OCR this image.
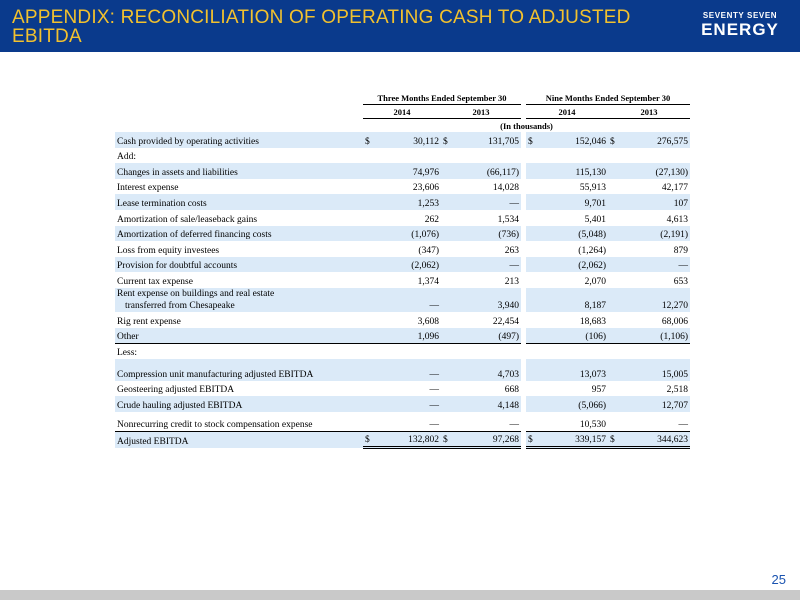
APPENDIX: RECONCILIATION OF OPERATING CASH TO ADJUSTED EBITDA
SEVENTY SEVEN
ENERGY
	Three Months Ended September 30					Nine Months Ended September 30			
	2014		2013			2014		2013	
	(In thousands)								
Cash provided by operating activities	$	30,112	$	131,705		$	152,046	$	276,575
Add:									
Changes in assets and liabilities		74,976		(66,117)			115,130		(27,130)
Interest expense		23,606		14,028			55,913		42,177
Lease termination costs		1,253		—			9,701		107
Amortization of sale/leaseback gains		262		1,534			5,401		4,613
Amortization of deferred financing costs		(1,076)		(736)			(5,048)		(2,191)
Loss from equity investees		(347)		263			(1,264)		879
Provision for doubtful accounts		(2,062)		—			(2,062)		—
Current tax expense		1,374		213			2,070		653

Rent expense on buildings and real estate
transferred from Chesapeake		—		3,940			8,187		12,270
Rig rent expense		3,608		22,454			18,683		68,006
Other		1,096		(497)			(106)		(1,106)
Less:									
Compression unit manufacturing adjusted EBITDA		—		4,703			13,073		15,005
Geosteering adjusted EBITDA		—		668			957		2,518
Crude hauling adjusted EBITDA		—		4,148			(5,066)		12,707
Nonrecurring credit to stock compensation expense		—		—			10,530		—
Adjusted EBITDA	$	132,802	$	97,268		$	339,157	$	344,623
25
